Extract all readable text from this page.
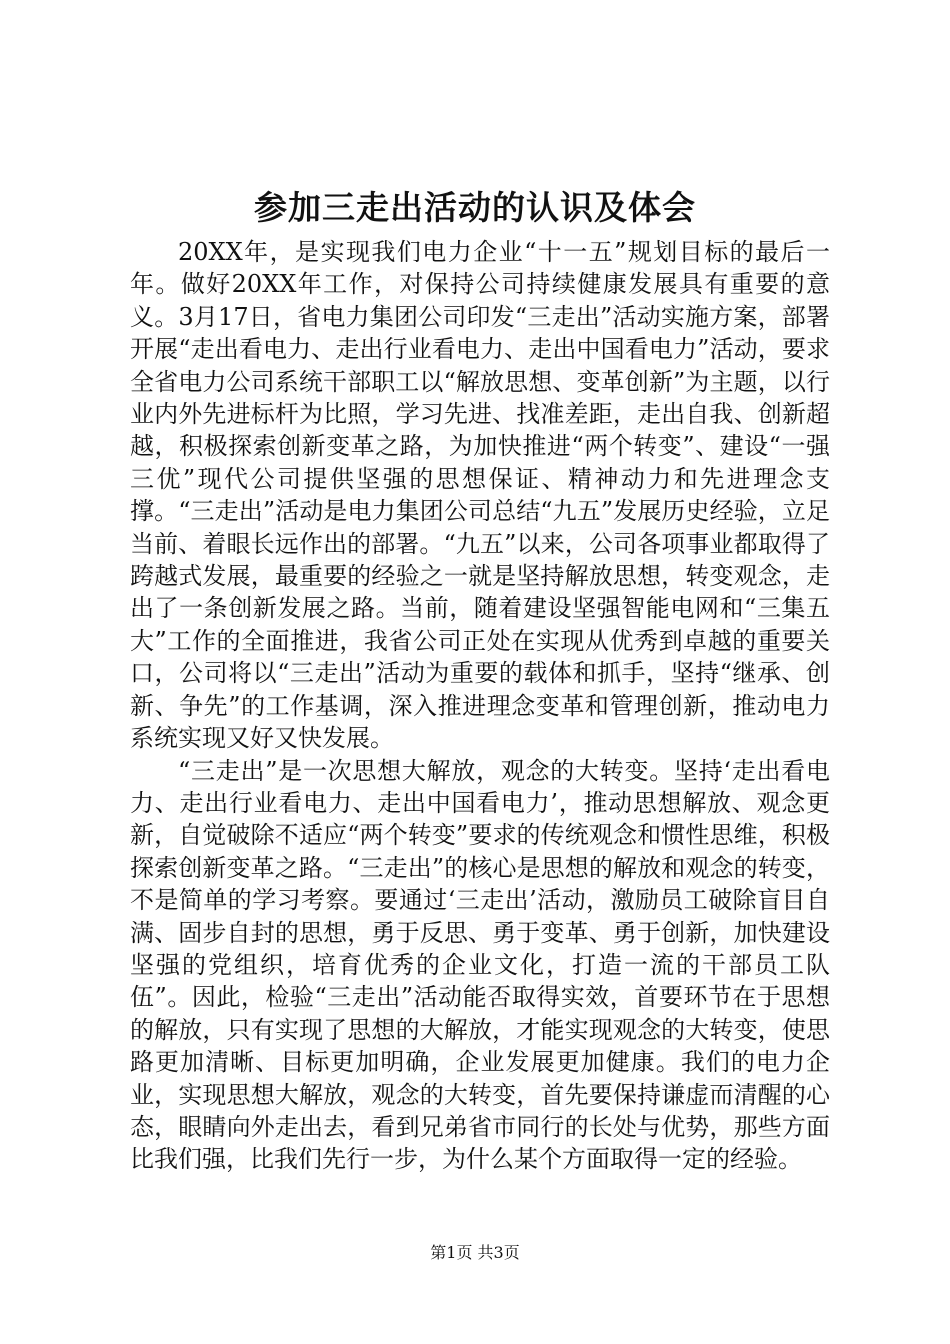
参加三走出活动的认识及体会

20XX年，是实现我们电力企业“十一五”规划目标的最后一年。做好20XX年工作，对保持公司持续健康发展具有重要的意义。3月17日，省电力集团公司印发“三走出”活动实施方案，部署开展“走出看电力、走出行业看电力、走出中国看电力”活动，要求全省电力公司系统干部职工以“解放思想、变革创新”为主题，以行业内外先进标杆为比照，学习先进、找准差距，走出自我、创新超越，积极探索创新变革之路，为加快推进“两个转变”、建设“一强三优”现代公司提供坚强的思想保证、精神动力和先进理念支撑。“三走出”活动是电力集团公司总结“九五”发展历史经验，立足当前、着眼长远作出的部署。“九五”以来，公司各项事业都取得了跨越式发展，最重要的经验之一就是坚持解放思想，转变观念，走出了一条创新发展之路。当前，随着建设坚强智能电网和“三集五大”工作的全面推进，我省公司正处在实现从优秀到卓越的重要关口，公司将以“三走出”活动为重要的载体和抓手，坚持“继承、创新、争先”的工作基调，深入推进理念变革和管理创新，推动电力系统实现又好又快发展。

“三走出”是一次思想大解放，观念的大转变。坚持‘走出看电力、走出行业看电力、走出中国看电力’，推动思想解放、观念更新，自觉破除不适应“两个转变”要求的传统观念和惯性思维，积极探索创新变革之路。“三走出”的核心是思想的解放和观念的转变，不是简单的学习考察。要通过‘三走出’活动，激励员工破除盲目自满、固步自封的思想，勇于反思、勇于变革、勇于创新，加快建设坚强的党组织，培育优秀的企业文化，打造一流的干部员工队伍”。因此，检验“三走出”活动能否取得实效，首要环节在于思想的解放，只有实现了思想的大解放，才能实现观念的大转变，使思路更加清晰、目标更加明确，企业发展更加健康。我们的电力企业，实现思想大解放，观念的大转变，首先要保持谦虚而清醒的心态，眼睛向外走出去，看到兄弟省市同行的长处与优势，那些方面比我们强，比我们先行一步，为什么某个方面取得一定的经验。

第1页 共3页
